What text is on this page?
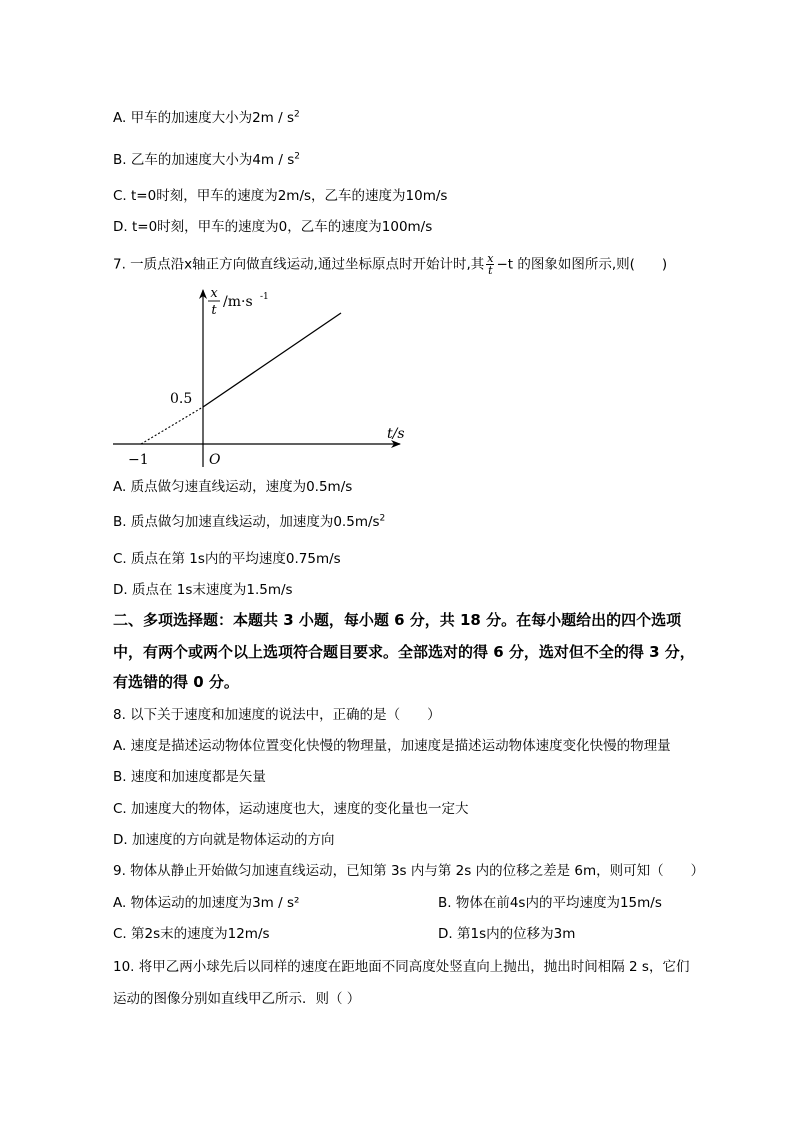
A. 甲车的加速度大小为$2m / s^2$
B. 乙车的加速度大小为$4m / s^2$
C. t=0时刻，甲车的速度为2m/s，乙车的速度为10m/s
D. t=0时刻，甲车的速度为0，乙车的速度为100m/s
7. 一质点沿x轴正方向做直线运动,通过坐标原点时开始计时,其 $\frac{x}{t} -t$ 的图象如图所示,则(　　)
x
t
/m·s -1
t/s
0.5
−1	O
A. 质点做匀速直线运动，速度为0.5m/s
B. 质点做匀加速直线运动，加速度为$0.5m/s^2$
C. 质点在第 1s内的平均速度0.75m/s
D. 质点在 1s末速度为1.5m/s
二、多项选择题：本题共 3 小题，每小题 6 分，共 18 分。在每小题给出的四个选项
中，有两个或两个以上选项符合题目要求。全部选对的得 6 分，选对但不全的得 3 分，
有选错的得 0 分。
8. 以下关于速度和加速度的说法中，正确的是（　　）
A. 速度是描述运动物体位置变化快慢的物理量，加速度是描述运动物体速度变化快慢的物理量
B. 速度和加速度都是矢量
C. 加速度大的物体，运动速度也大，速度的变化量也一定大
D. 加速度的方向就是物体运动的方向
9. 物体从静止开始做匀加速直线运动，已知第 3s 内与第 2s 内的位移之差是 6m，则可知（　　）
A. 物体运动的加速度为3m / s²	B. 物体在前4s内的平均速度为15m/s
C. 第2s末的速度为12m/s	D. 第1s内的位移为3m
10. 将甲乙两小球先后以同样的速度在距地面不同高度处竖直向上抛出，抛出时间相隔 2 s，它们
运动的图像分别如直线甲乙所示．则（ ）
